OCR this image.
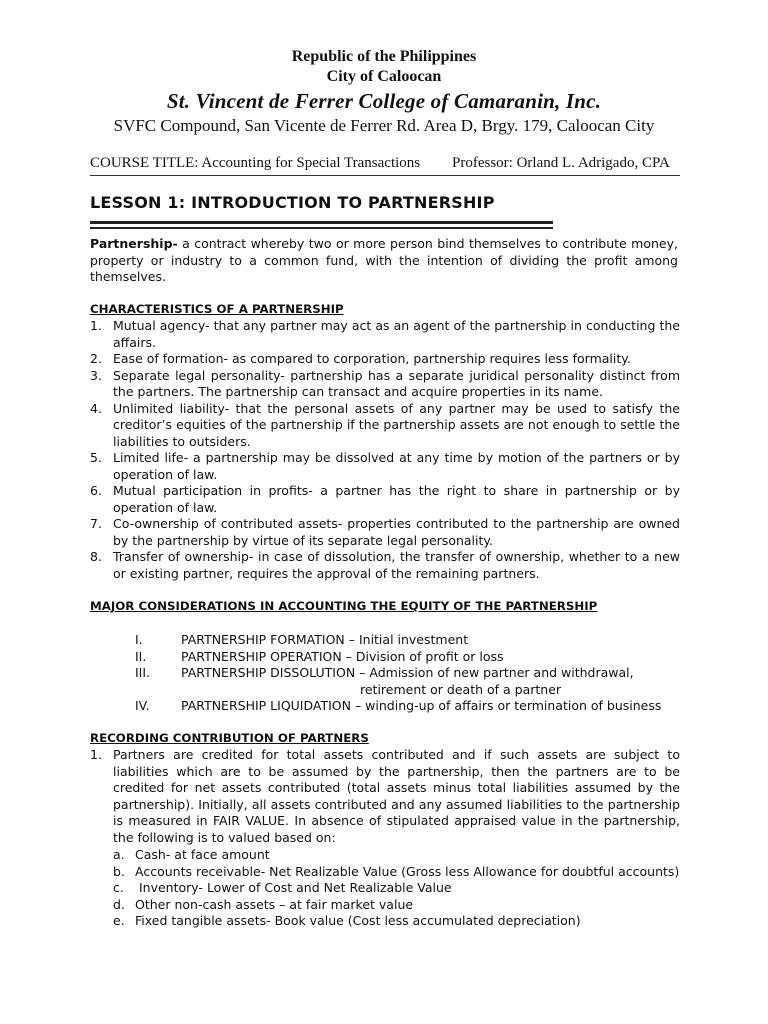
Republic of the Philippines
City of Caloocan
St. Vincent de Ferrer College of Camaranin, Inc.
SVFC Compound, San Vicente de Ferrer Rd. Area D, Brgy. 179, Caloocan City
COURSE TITLE: Accounting for Special Transactions Professor: Orland L. Adrigado, CPA
LESSON 1: INTRODUCTION TO PARTNERSHIP
Partnership- a contract whereby two or more person bind themselves to contribute money, property or industry to a common fund, with the intention of dividing the profit among themselves.
CHARACTERISTICS OF A PARTNERSHIP
1. Mutual agency- that any partner may act as an agent of the partnership in conducting the affairs.
2. Ease of formation- as compared to corporation, partnership requires less formality.
3. Separate legal personality- partnership has a separate juridical personality distinct from the partners. The partnership can transact and acquire properties in its name.
4. Unlimited liability- that the personal assets of any partner may be used to satisfy the creditor’s equities of the partnership if the partnership assets are not enough to settle the liabilities to outsiders.
5. Limited life- a partnership may be dissolved at any time by motion of the partners or by operation of law.
6. Mutual participation in profits- a partner has the right to share in partnership or by operation of law.
7. Co-ownership of contributed assets- properties contributed to the partnership are owned by the partnership by virtue of its separate legal personality.
8. Transfer of ownership- in case of dissolution, the transfer of ownership, whether to a new or existing partner, requires the approval of the remaining partners.
MAJOR CONSIDERATIONS IN ACCOUNTING THE EQUITY OF THE PARTNERSHIP
I.	PARTNERSHIP FORMATION – Initial investment
II.	PARTNERSHIP OPERATION – Division of profit or loss
III. PARTNERSHIP DISSOLUTION – Admission of new partner and withdrawal,
retirement or death of a partner
IV.	PARTNERSHIP LIQUIDATION – winding-up of affairs or termination of business
RECORDING CONTRIBUTION OF PARTNERS
1. Partners are credited for total assets contributed and if such assets are subject to liabilities which are to be assumed by the partnership, then the partners are to be credited for net assets contributed (total assets minus total liabilities assumed by the partnership). Initially, all assets contributed and any assumed liabilities to the partnership is measured in FAIR VALUE. In absence of stipulated appraised value in the partnership, the following is to valued based on:
a. Cash- at face amount
b. Accounts receivable- Net Realizable Value (Gross less Allowance for doubtful accounts)
c. Inventory- Lower of Cost and Net Realizable Value
d. Other non-cash assets – at fair market value
e. Fixed tangible assets- Book value (Cost less accumulated depreciation)
